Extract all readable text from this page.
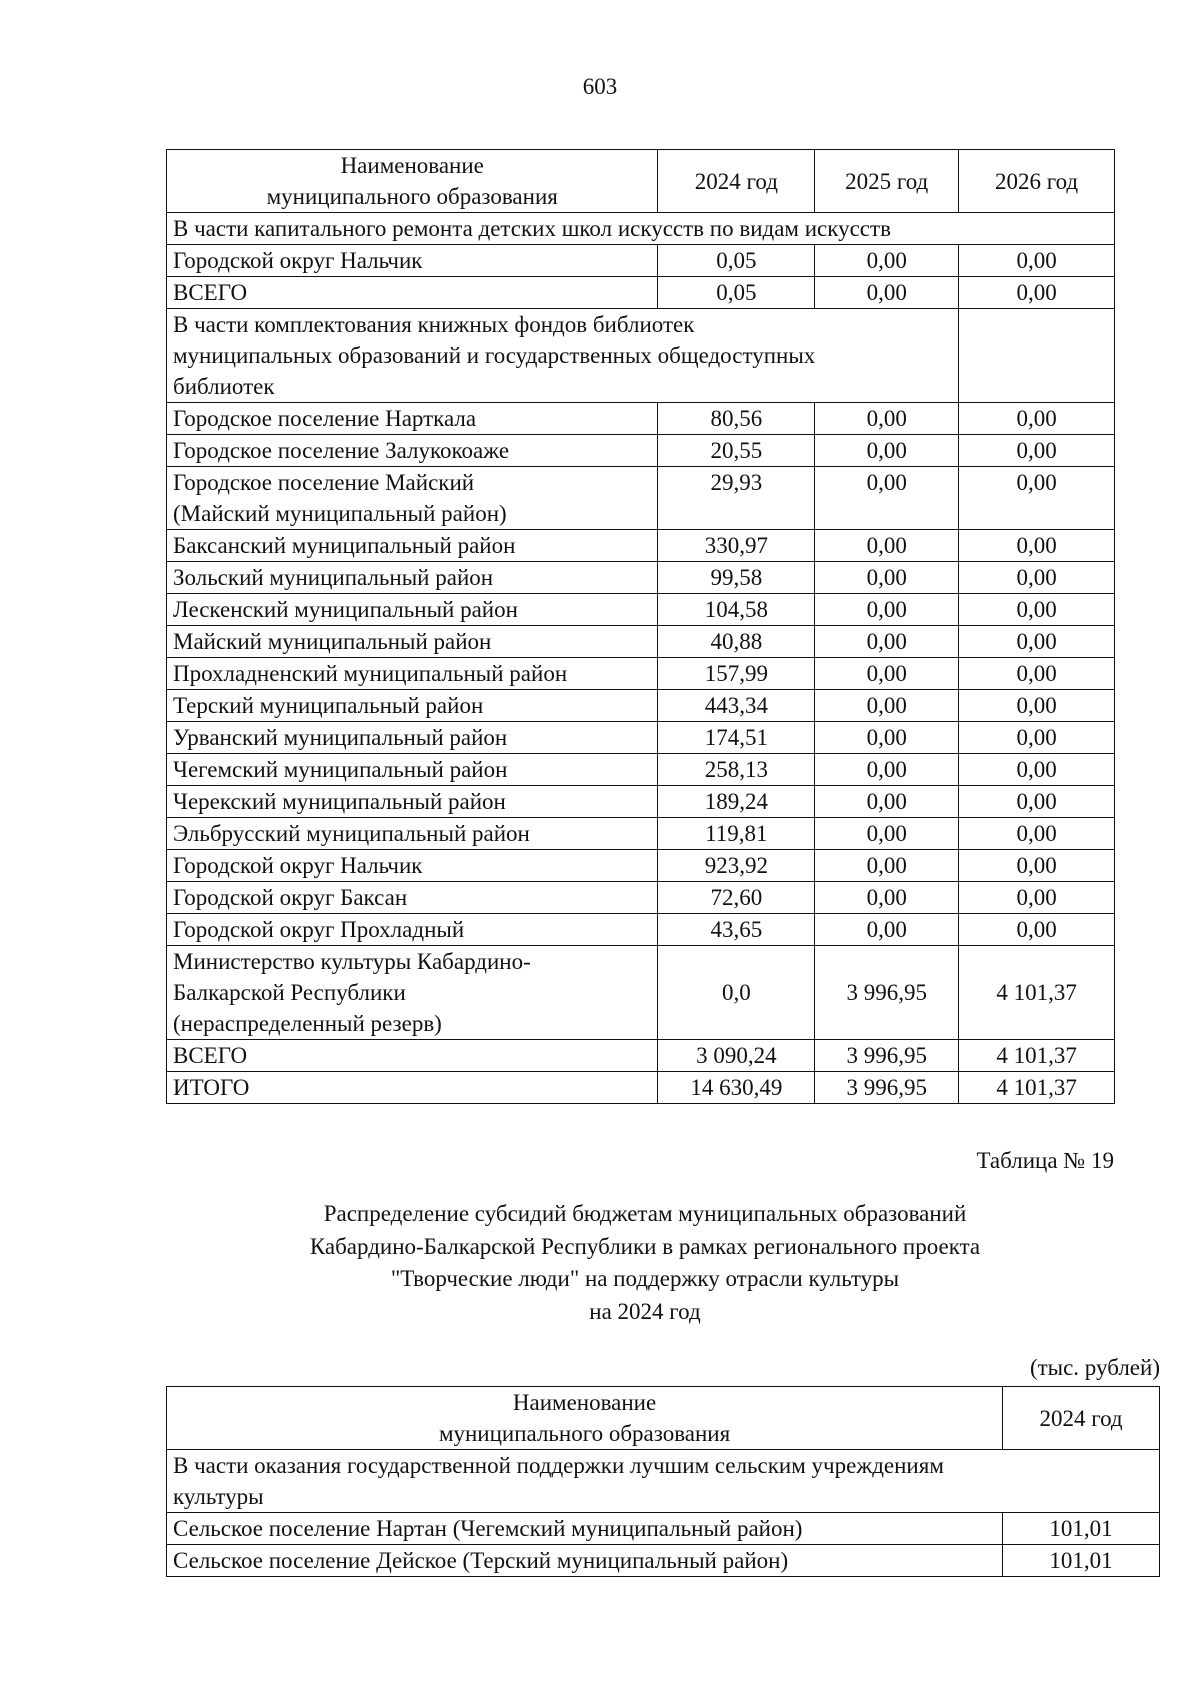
603
Наименование
муниципального образования	2024 год	2025 год	2026 год

В части капитального ремонта детских школ искусств по видам искусств			

Городской округ Нальчик	0,05	0,00	0,00

ВСЕГО	0,05	0,00	0,00

В части комплектования книжных фондов библиотек
муниципальных образований и государственных общедоступных
библиотек			

Городское поселение Нарткала	80,56	0,00	0,00

Городское поселение Залукокоаже	20,55	0,00	0,00

Городское поселение Майский
(Майский муниципальный район)	29,93	0,00	0,00

Баксанский муниципальный район	330,97	0,00	0,00

Зольский муниципальный район	99,58	0,00	0,00

Лескенский муниципальный район	104,58	0,00	0,00

Майский муниципальный район	40,88	0,00	0,00

Прохладненский муниципальный район	157,99	0,00	0,00

Терский муниципальный район	443,34	0,00	0,00

Урванский муниципальный район	174,51	0,00	0,00

Чегемский муниципальный район	258,13	0,00	0,00

Черекский муниципальный район	189,24	0,00	0,00

Эльбрусский муниципальный район	119,81	0,00	0,00

Городской округ Нальчик	923,92	0,00	0,00

Городской округ Баксан	72,60	0,00	0,00

Городской округ Прохладный	43,65	0,00	0,00

Министерство культуры Кабардино-
Балкарской Республики
(нераспределенный резерв)	0,0	3 996,95	4 101,37

ВСЕГО	3 090,24	3 996,95	4 101,37

ИТОГО	14 630,49	3 996,95	4 101,37
Таблица № 19
Распределение субсидий бюджетам муниципальных образований
Кабардино-Балкарской Республики в рамках регионального проекта
"Творческие люди" на поддержку отрасли культуры
на 2024 год
(тыс. рублей)
Наименование
муниципального образования	2024 год

В части оказания государственной поддержки лучшим сельским учреждениям
культуры	

Сельское поселение Нартан (Чегемский муниципальный район)	101,01
Сельское поселение Дейское (Терский муниципальный район)	101,01
